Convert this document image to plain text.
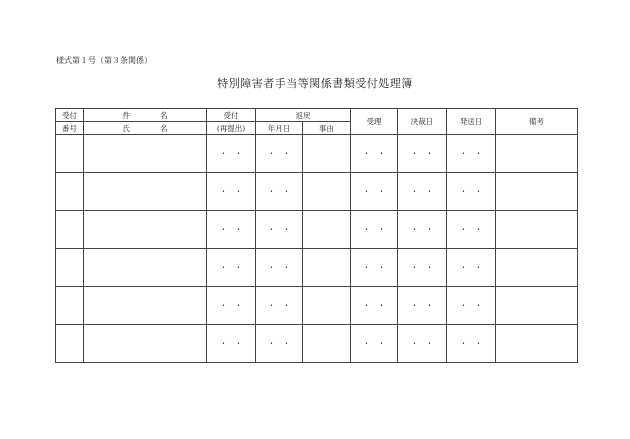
様式第１号（第３条関係）
特別障害者手当等関係書類受付処理簿
受付	件 名	受付	返戻		受理	決裁日	発送日	備考
番号	氏 名	(再提出)	年月日	事由				
		・　・	・　・		・　・	・　・	・　・	
		・　・	・　・		・　・	・　・	・　・	
		・　・	・　・		・　・	・　・	・　・	
		・　・	・　・		・　・	・　・	・　・	
		・　・	・　・		・　・	・　・	・　・	
		・　・	・　・		・　・	・　・	・　・	
